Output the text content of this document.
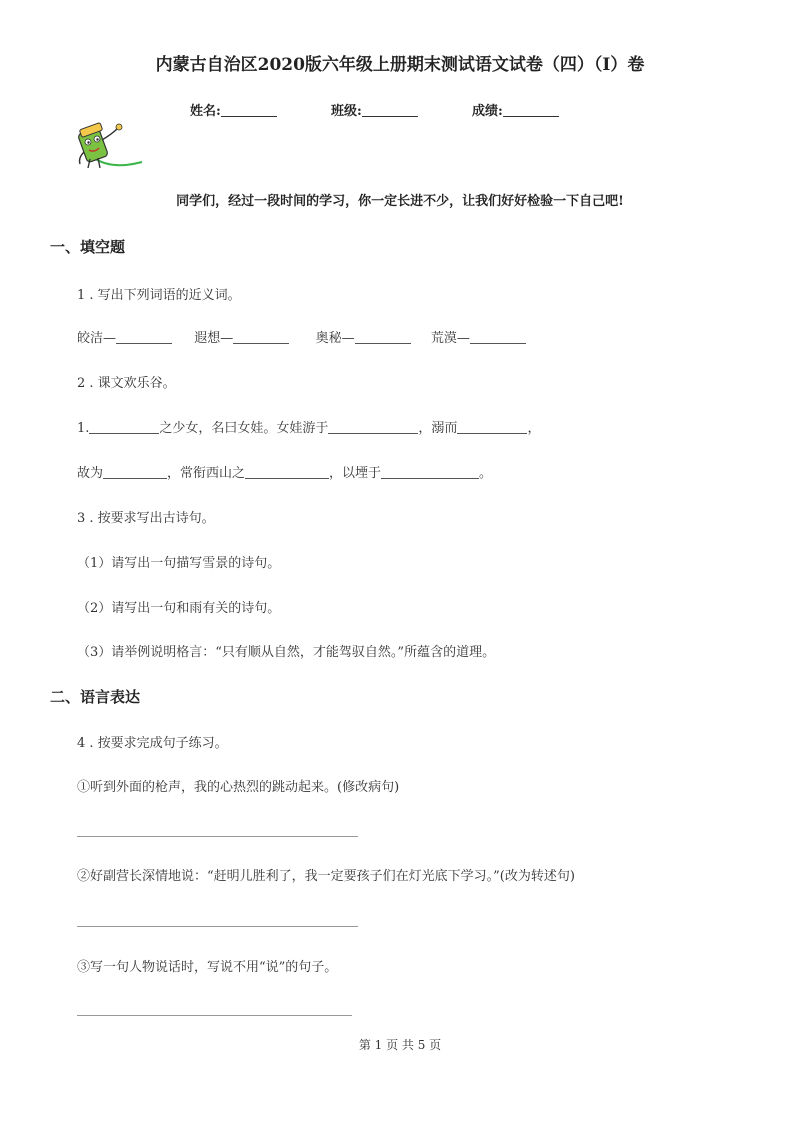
内蒙古自治区2020版六年级上册期末测试语文试卷（四）（I）卷
姓名:	班级:	成绩:
同学们，经过一段时间的学习，你一定长进不少，让我们好好检验一下自己吧!
一、填空题
1 . 写出下列词语的近义词。
皎洁—	遐想—	奥秘—	荒漠—
2 . 课文欢乐谷。
1.	之少女，名曰女娃。女娃游于	，溺而	，
故为	，常衔西山之	，以堙于	。
3 . 按要求写出古诗句。
（1）请写出一句描写雪景的诗句。
（2）请写出一句和雨有关的诗句。
（3）请举例说明格言：“只有顺从自然，才能驾驭自然。”所蕴含的道理。
二、语言表达
4 . 按要求完成句子练习。
①听到外面的枪声，我的心热烈的跳动起来。(修改病句)
②好副营长深情地说：“赶明儿胜利了，我一定要孩子们在灯光底下学习。”(改为转述句)
③写一句人物说话时，写说不用“说”的句子。
第 1 页 共 5 页
